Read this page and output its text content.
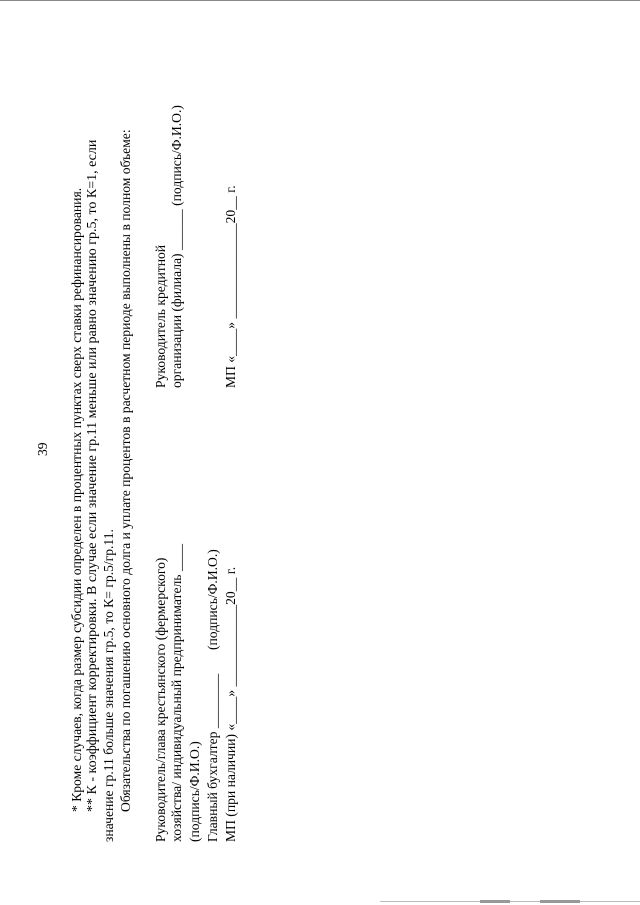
39 * Кроме случаев, когда размер субсидии определен в процентных пунктах сверх ставки рефинансирования. ** К - коэффициент корректировки. В случае если значение гр.11 меньше или равно значению гр.5, то К=1, если значение гр.11 больше значения гр.5, то К= гр.5/гр.11. Обязательства по погашению основного долга и уплате процентов в расчетном периоде выполнены в полном объеме: Руководитель/глава крестьянского (фермерского) хозяйства/ индивидуальный предприниматель ____ (подпись/Ф.И.О.)
(подпись/Ф.И.О.)
Главный бухгалтер ________ МП (при наличии) «____» ____________20__ г.
Руководитель кредитной организации (филиала) ______ (подпись/Ф.И.О.)	МП «____» ______________20__ г.
